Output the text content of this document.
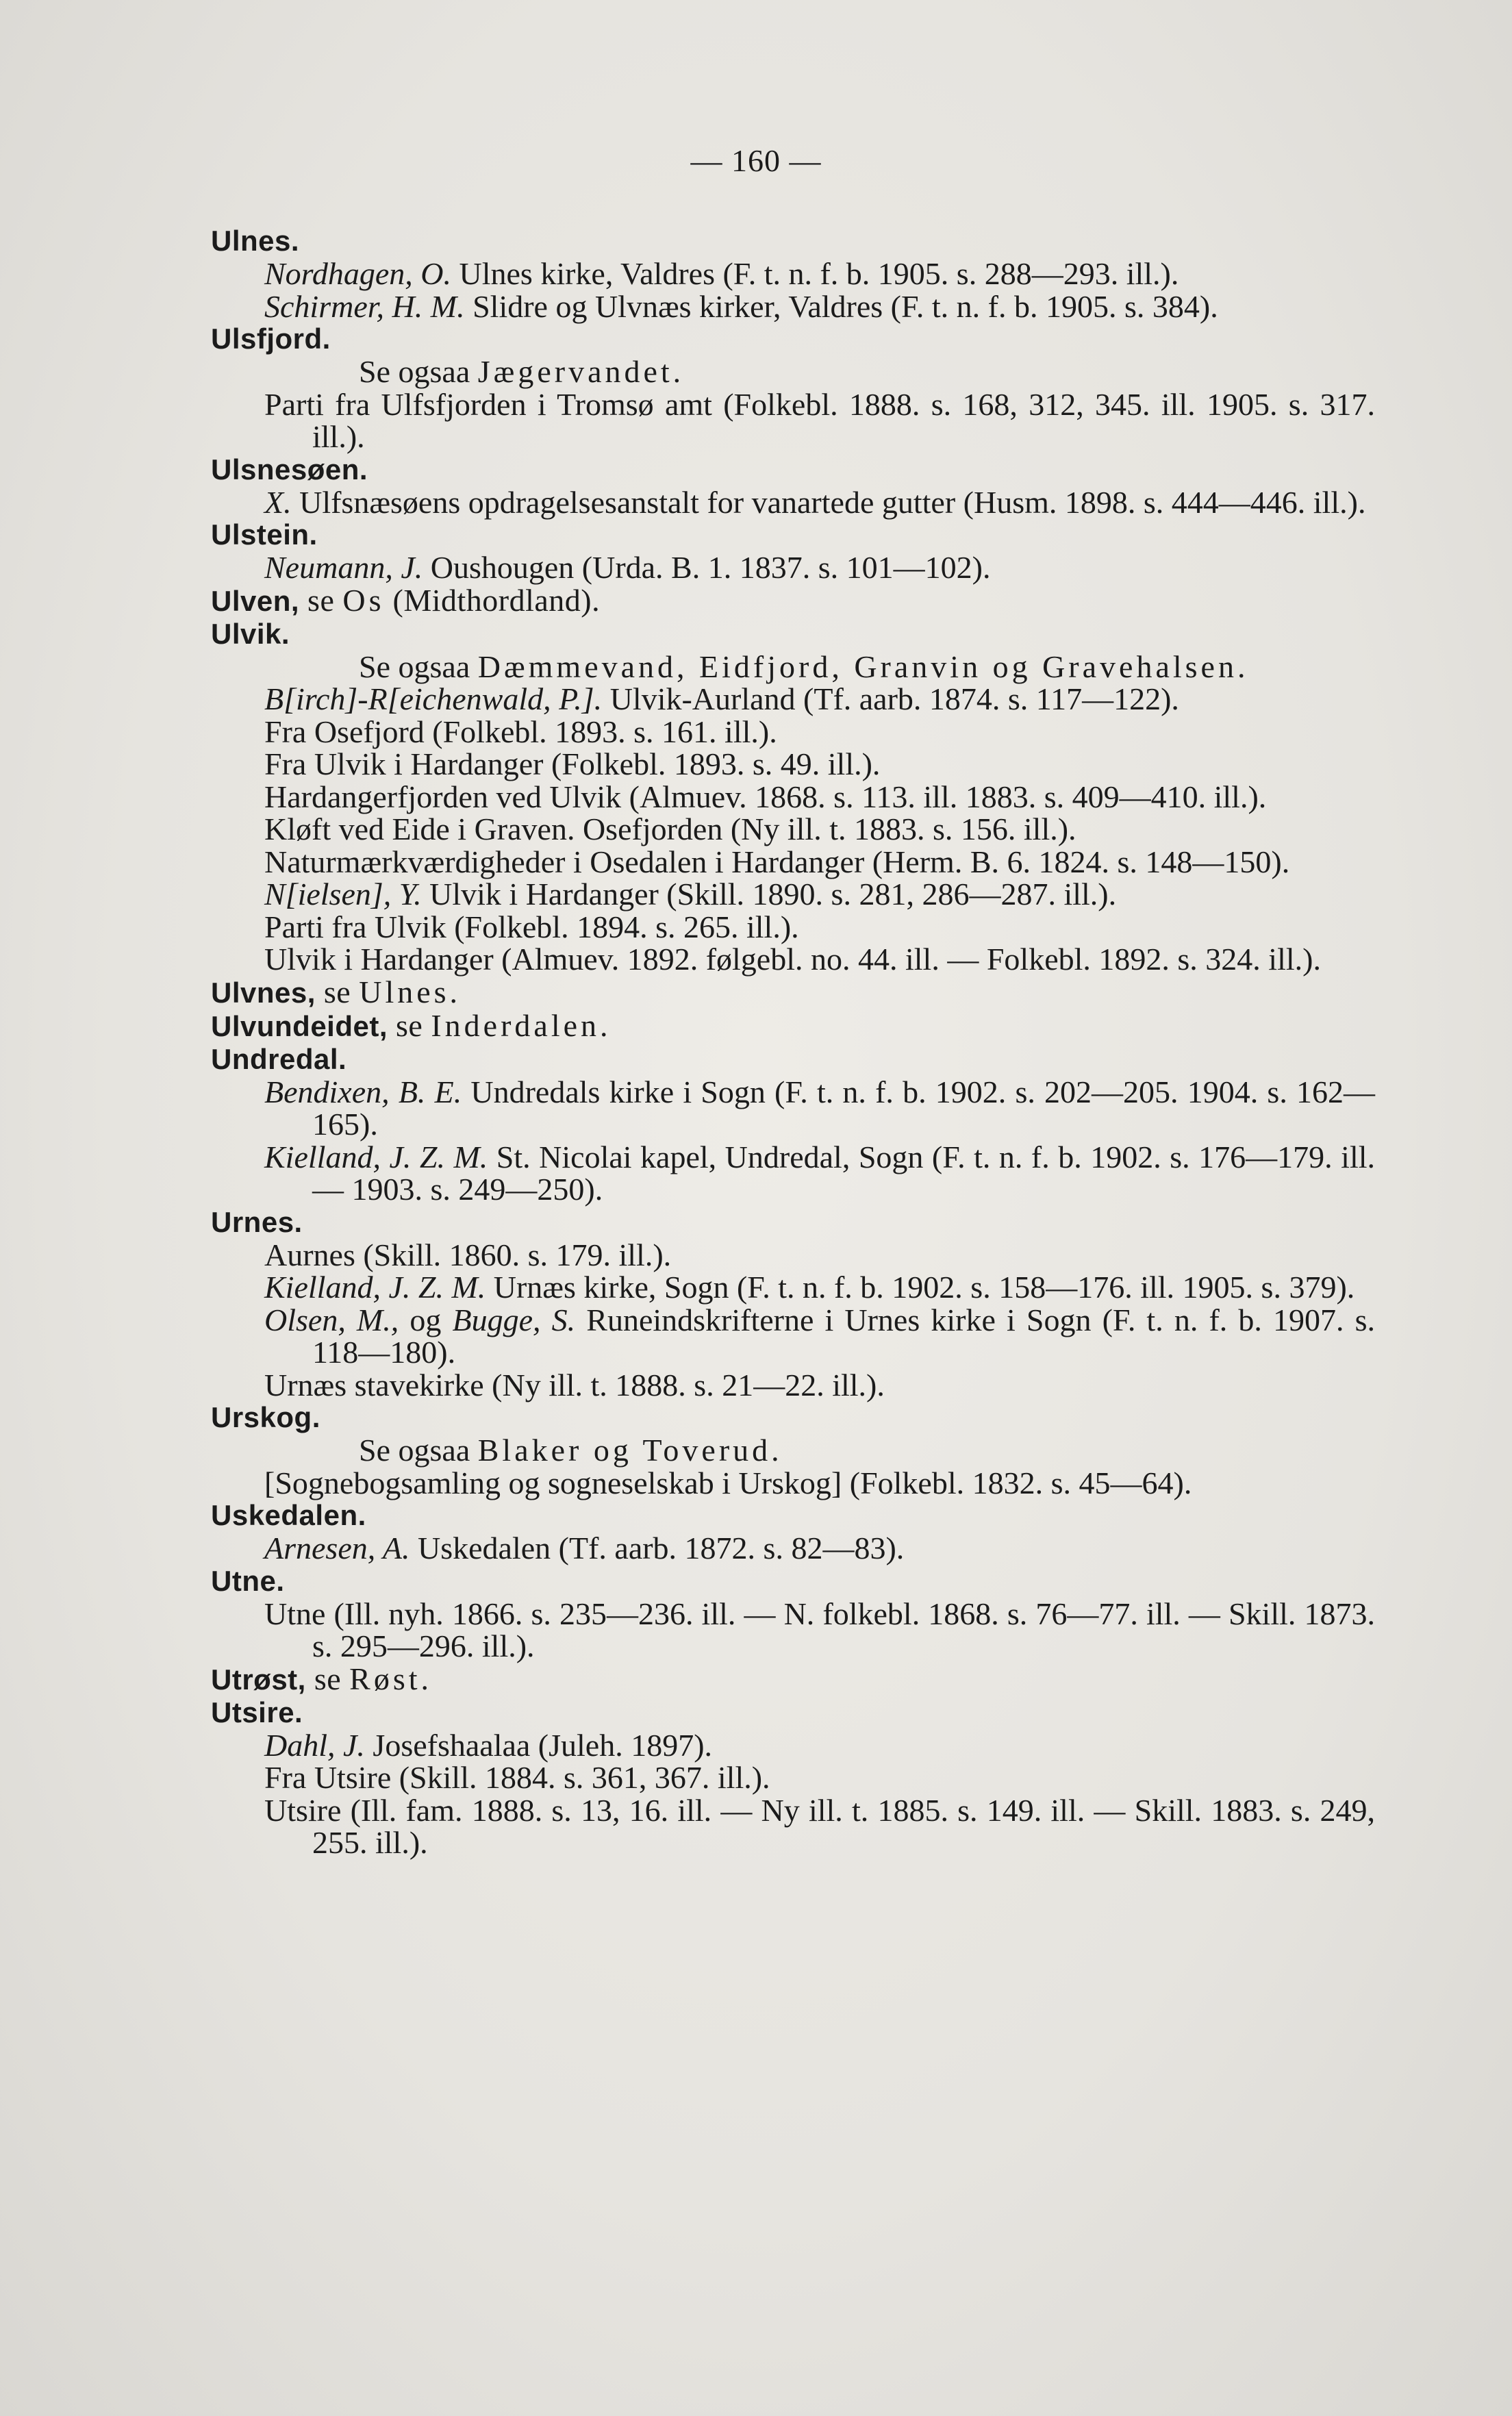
— 160 —
Ulnes.
Nordhagen, O. Ulnes kirke, Valdres (F. t. n. f. b. 1905. s. 288—293. ill.).
Schirmer, H. M. Slidre og Ulvnæs kirker, Valdres (F. t. n. f. b. 1905. s. 384).
Ulsfjord.
Se ogsaa Jægervandet.
Parti fra Ulfsfjorden i Tromsø amt (Folkebl. 1888. s. 168, 312, 345. ill. 1905. s. 317. ill.).
Ulsnesøen.
X. Ulfsnæsøens opdragelsesanstalt for vanartede gutter (Husm. 1898. s. 444—446. ill.).
Ulstein.
Neumann, J. Oushougen (Urda. B. 1. 1837. s. 101—102).
Ulven, se Os (Midthordland).
Ulvik.
Se ogsaa Dæmmevand, Eidfjord, Granvin og Gravehalsen.
B[irch]-R[eichenwald, P.]. Ulvik-Aurland (Tf. aarb. 1874. s. 117—122).
Fra Osefjord (Folkebl. 1893. s. 161. ill.).
Fra Ulvik i Hardanger (Folkebl. 1893. s. 49. ill.).
Hardangerfjorden ved Ulvik (Almuev. 1868. s. 113. ill. 1883. s. 409—410. ill.).
Kløft ved Eide i Graven. Osefjorden (Ny ill. t. 1883. s. 156. ill.).
Naturmærkværdigheder i Osedalen i Hardanger (Herm. B. 6. 1824. s. 148—150).
N[ielsen], Y. Ulvik i Hardanger (Skill. 1890. s. 281, 286—287. ill.).
Parti fra Ulvik (Folkebl. 1894. s. 265. ill.).
Ulvik i Hardanger (Almuev. 1892. følgebl. no. 44. ill. — Folkebl. 1892. s. 324. ill.).
Ulvnes, se Ulnes.
Ulvundeidet, se Inderdalen.
Undredal.
Bendixen, B. E. Undredals kirke i Sogn (F. t. n. f. b. 1902. s. 202—205. 1904. s. 162—165).
Kielland, J. Z. M. St. Nicolai kapel, Undredal, Sogn (F. t. n. f. b. 1902. s. 176—179. ill. — 1903. s. 249—250).
Urnes.
Aurnes (Skill. 1860. s. 179. ill.).
Kielland, J. Z. M. Urnæs kirke, Sogn (F. t. n. f. b. 1902. s. 158—176. ill. 1905. s. 379).
Olsen, M., og Bugge, S. Runeindskrifterne i Urnes kirke i Sogn (F. t. n. f. b. 1907. s. 118—180).
Urnæs stavekirke (Ny ill. t. 1888. s. 21—22. ill.).
Urskog.
Se ogsaa Blaker og Toverud.
[Sognebogsamling og sogneselskab i Urskog] (Folkebl. 1832. s. 45—64).
Uskedalen.
Arnesen, A. Uskedalen (Tf. aarb. 1872. s. 82—83).
Utne.
Utne (Ill. nyh. 1866. s. 235—236. ill. — N. folkebl. 1868. s. 76—77. ill. — Skill. 1873. s. 295—296. ill.).
Utrøst, se Røst.
Utsire.
Dahl, J. Josefshaalaa (Juleh. 1897).
Fra Utsire (Skill. 1884. s. 361, 367. ill.).
Utsire (Ill. fam. 1888. s. 13, 16. ill. — Ny ill. t. 1885. s. 149. ill. — Skill. 1883. s. 249, 255. ill.).
